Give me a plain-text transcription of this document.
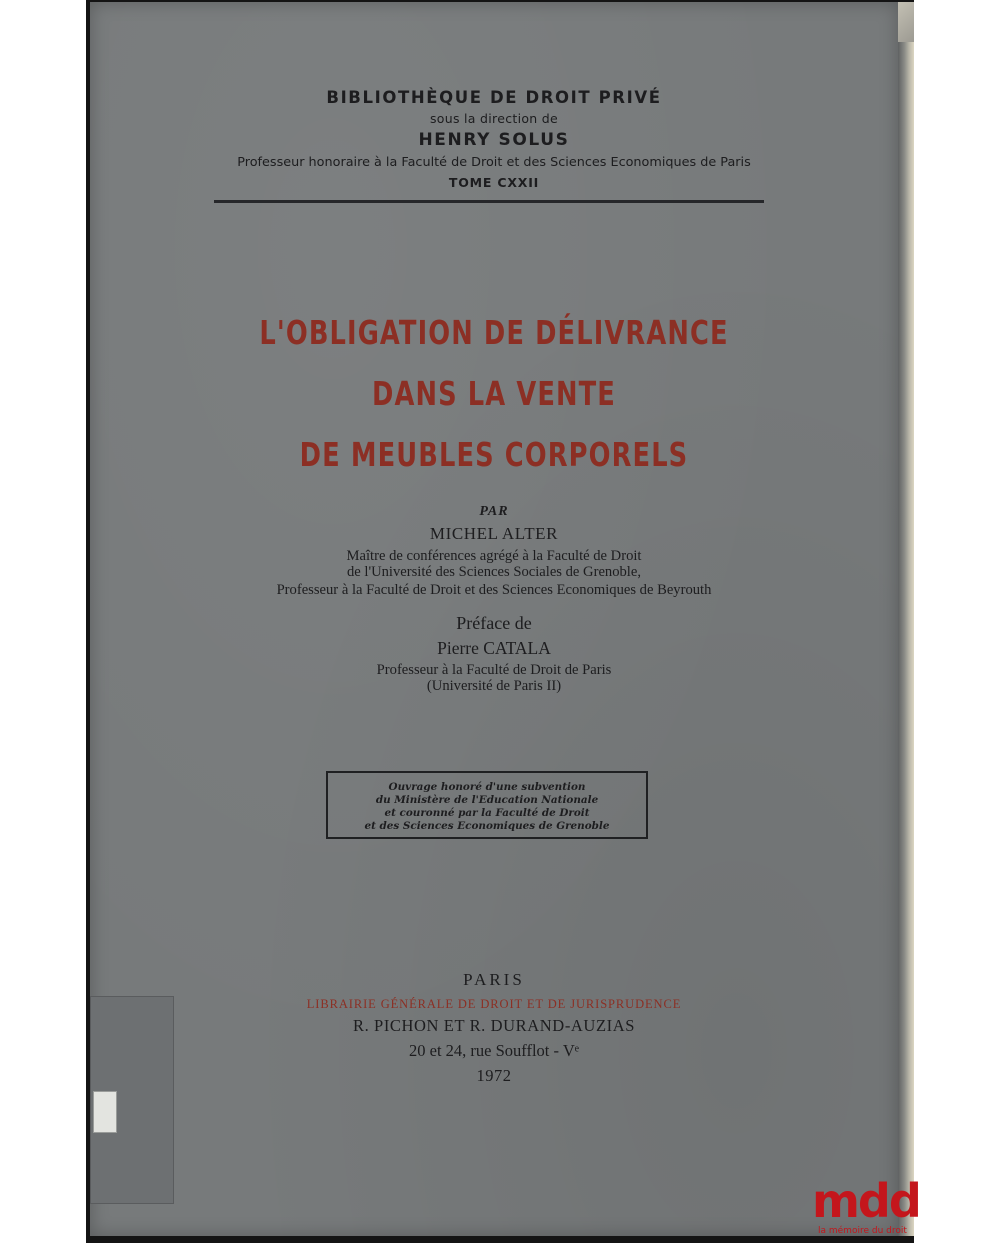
BIBLIOTHÈQUE DE DROIT PRIVÉ
sous la direction de
HENRY SOLUS
Professeur honoraire à la Faculté de Droit et des Sciences Economiques de Paris
TOME CXXII
L'OBLIGATION DE DÉLIVRANCE
DANS LA VENTE
DE MEUBLES CORPORELS
PAR
MICHEL ALTER
Maître de conférences agrégé à la Faculté de Droit
de l'Université des Sciences Sociales de Grenoble,
Professeur à la Faculté de Droit et des Sciences Economiques de Beyrouth
Préface de
Pierre CATALA
Professeur à la Faculté de Droit de Paris
(Université de Paris II)
Ouvrage honoré d'une subvention
du Ministère de l'Education Nationale
et couronné par la Faculté de Droit
et des Sciences Economiques de Grenoble
PARIS
LIBRAIRIE GÉNÉRALE DE DROIT ET DE JURISPRUDENCE
R. PICHON ET R. DURAND-AUZIAS
20 et 24, rue Soufflot - Vᵉ
1972
mdd
la mémoire du droit
